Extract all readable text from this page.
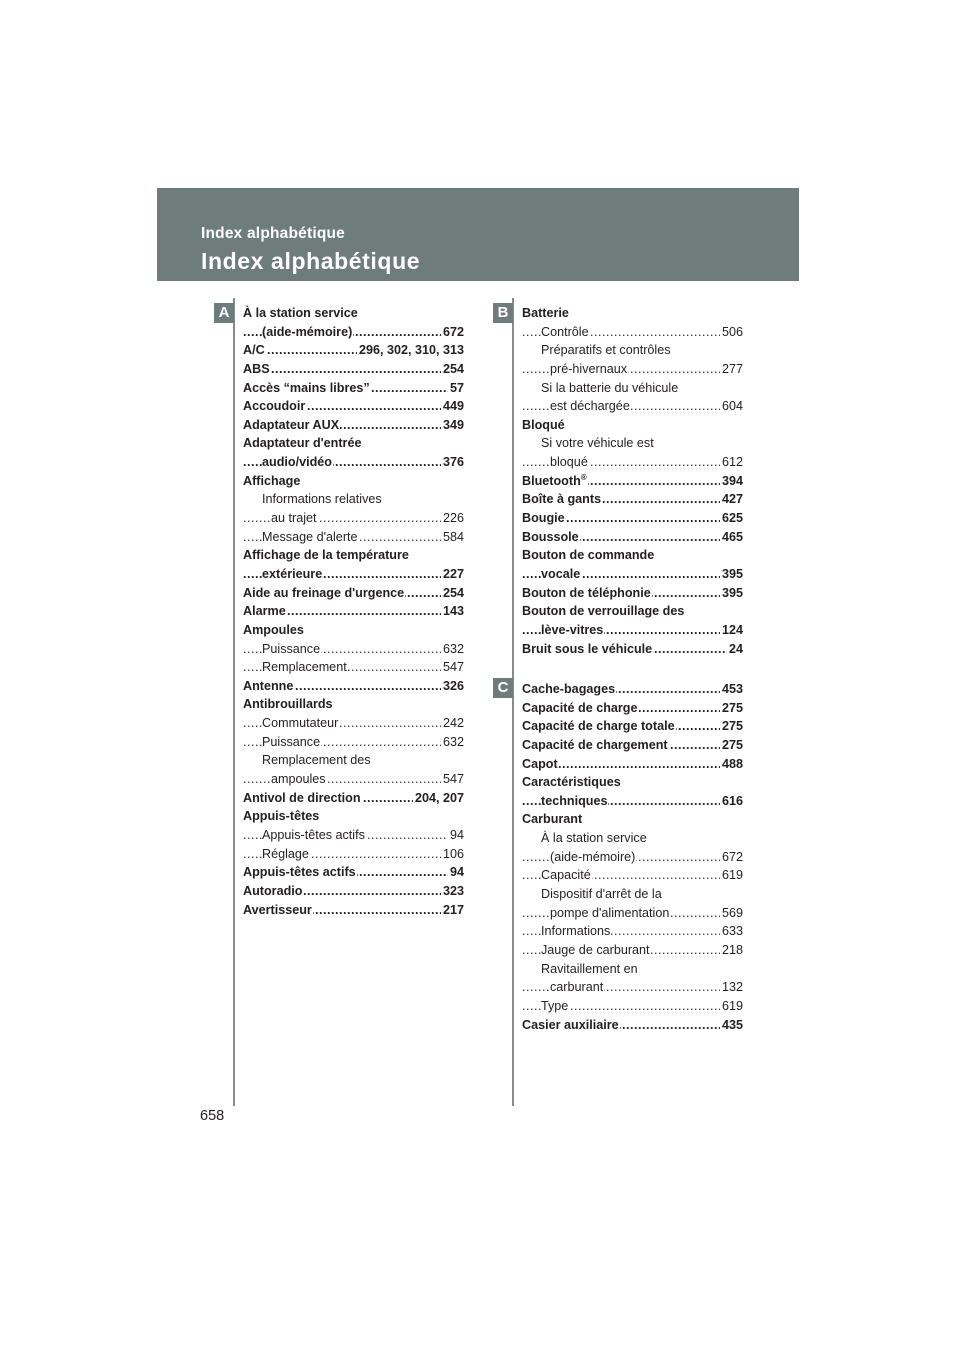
Index alphabétique
Index alphabétique
A	B
C
À la station service
.....
(aide-mémoire)	672
.....
A/C	296, 302, 310, 313
.....
ABS	254
.....
Accès “mains libres”	57
.....
Accoudoir	449
.....
Adaptateur AUX	349
Adaptateur d'entrée
.....
audio/vidéo	376
Affichage
Informations relatives
.....
au trajet	226
.....
Message d'alerte	584
Affichage de la température
.....
extérieure	227
.....
Aide au freinage d'urgence	254
.....
Alarme	143
Ampoules
.....
Puissance	632
.....
Remplacement	547
.....
Antenne	326
Antibrouillards
.....
Commutateur	242
.....
Puissance	632
Remplacement des
.....
ampoules	547
.....
Antivol de direction	204, 207
Appuis-têtes
.....
Appuis-têtes actifs	94
.....
Réglage	106
.....
Appuis-têtes actifs	94
.....
Autoradio	323
.....
Avertisseur	217
Batterie
.....
Contrôle	506
Préparatifs et contrôles
.....
pré-hivernaux	277
Si la batterie du véhicule
.....
est déchargée	604
Bloqué
Si votre véhicule est
.....
bloqué	612
.....
Bluetooth®	394
.....
Boîte à gants	427
.....
Bougie	625
.....
Boussole	465
Bouton de commande
.....
vocale	395
.....
Bouton de téléphonie	395
Bouton de verrouillage des
.....
lève-vitres	124
.....
Bruit sous le véhicule	24
.....
Cache-bagages	453
.....
Capacité de charge	275
.....
Capacité de charge totale	275
.....
Capacité de chargement	275
.....
Capot	488
Caractéristiques
.....
techniques	616
Carburant
À la station service
.....
(aide-mémoire)	672
.....
Capacité	619
Dispositif d'arrêt de la
.....
pompe d'alimentation	569
.....
Informations	633
.....
Jauge de carburant	218
Ravitaillement en
.....
carburant	132
.....
Type	619
.....
Casier auxiliaire	435
658
